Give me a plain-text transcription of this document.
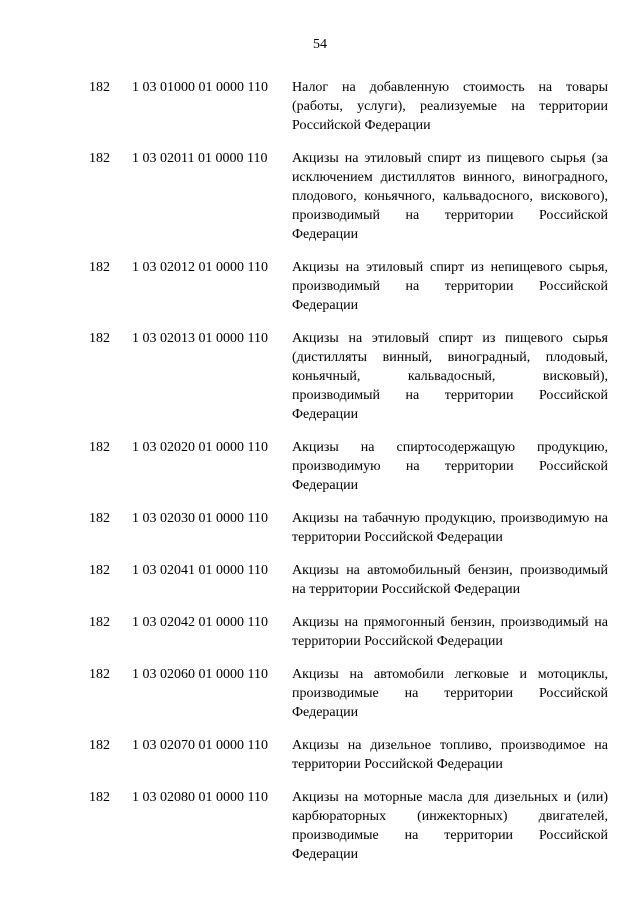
54
182 1 03 01000 01 0000 110 Налог на добавленную стоимость на товары (работы, услуги), реализуемые на территории Российской Федерации
182 1 03 02011 01 0000 110 Акцизы на этиловый спирт из пищевого сырья (за исключением дистиллятов винного, виноградного, плодового, коньячного, кальвадосного, вискового), производимый на территории Российской Федерации
182 1 03 02012 01 0000 110 Акцизы на этиловый спирт из непищевого сырья, производимый на территории Российской Федерации
182 1 03 02013 01 0000 110 Акцизы на этиловый спирт из пищевого сырья (дистилляты винный, виноградный, плодовый, коньячный, кальвадосный, висковый), производимый на территории Российской Федерации
182 1 03 02020 01 0000 110 Акцизы на спиртосодержащую продукцию, производимую на территории Российской Федерации
182 1 03 02030 01 0000 110 Акцизы на табачную продукцию, производимую на территории Российской Федерации
182 1 03 02041 01 0000 110 Акцизы на автомобильный бензин, производимый на территории Российской Федерации
182 1 03 02042 01 0000 110 Акцизы на прямогонный бензин, производимый на территории Российской Федерации
182 1 03 02060 01 0000 110 Акцизы на автомобили легковые и мотоциклы, производимые на территории Российской Федерации
182 1 03 02070 01 0000 110 Акцизы на дизельное топливо, производимое на территории Российской Федерации
182 1 03 02080 01 0000 110 Акцизы на моторные масла для дизельных и (или) карбюраторных (инжекторных) двигателей, производимые на территории Российской Федерации
